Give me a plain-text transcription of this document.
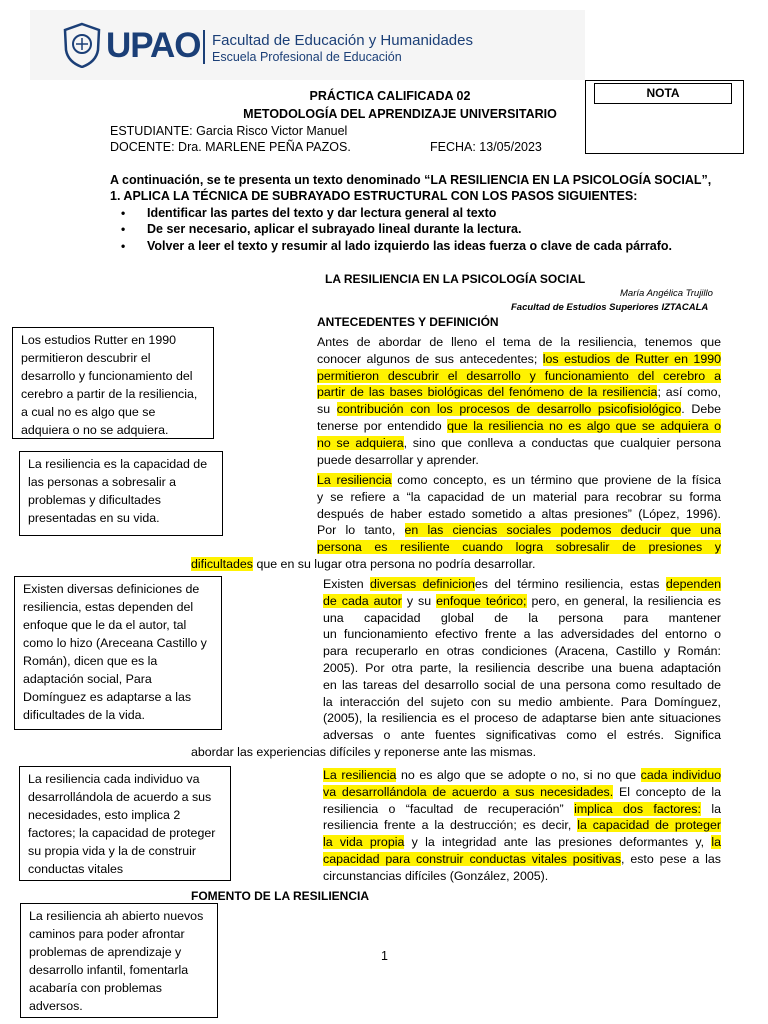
UPAO Facultad de Educación y Humanidades
Escuela Profesional de Educación
NOTA
PRÁCTICA CALIFICADA 02
METODOLOGÍA DEL APRENDIZAJE UNIVERSITARIO
ESTUDIANTE: Garcia Risco Victor Manuel
DOCENTE: Dra. MARLENE PEÑA PAZOS.	FECHA: 13/05/2023
A continuación, se te presenta un texto denominado “LA RESILIENCIA EN LA PSICOLOGÍA SOCIAL”,
1. APLICA LA TÉCNICA DE SUBRAYADO ESTRUCTURAL CON LOS PASOS SIGUIENTES:
• Identificar las partes del texto y dar lectura general al texto
• De ser necesario, aplicar el subrayado lineal durante la lectura.
• Volver a leer el texto y resumir al lado izquierdo las ideas fuerza o clave de cada párrafo.
LA RESILIENCIA EN LA PSICOLOGÍA SOCIAL
María Angélica Trujillo
Facultad de Estudios Superiores IZTACALA
ANTECEDENTES Y DEFINICIÓN
Los estudios Rutter en 1990 permitieron descubrir el desarrollo y funcionamiento del cerebro a partir de la resiliencia, a cual no es algo que se adquiera o no se adquiera.
La resiliencia es la capacidad de las personas a sobresalir a problemas y dificultades presentadas en su vida.
Existen diversas definiciones de resiliencia, estas dependen del enfoque que le da el autor, tal como lo hizo (Areceana Castillo y Román), dicen que es la adaptación social, Para Domínguez es adaptarse a las dificultades de la vida.
La resiliencia cada individuo va desarrollándola de acuerdo a sus necesidades, esto implica 2 factores; la capacidad de proteger su propia vida y la de construir conductas vitales
La resiliencia ah abierto nuevos caminos para poder afrontar problemas de aprendizaje y desarrollo infantil, fomentarla acabaría con problemas adversos.
Antes de abordar de lleno el tema de la resiliencia, tenemos que
conocer algunos de sus antecedentes; los estudios de Rutter en 1990
permitieron descubrir el desarrollo y funcionamiento del cerebro a
partir de las bases biológicas del fenómeno de la resiliencia; así como,
su contribución con los procesos de desarrollo psicofisiológico. Debe
tenerse por entendido que la resiliencia no es algo que se adquiera o
no se adquiera, sino que conlleva a conductas que cualquier persona
puede desarrollar y aprender.
La resiliencia como concepto, es un término que proviene de la física
y se refiere a “la capacidad de un material para recobrar su forma
después de haber estado sometido a altas presiones” (López, 1996).
Por lo tanto, en las ciencias sociales podemos deducir que una
persona es resiliente cuando logra sobresalir de presiones y
dificultades que en su lugar otra persona no podría desarrollar.
Existen diversas definiciones del término resiliencia, estas dependen
de cada autor y su enfoque teórico; pero, en general, la resiliencia es
una capacidad global de la persona para mantener
un funcionamiento efectivo frente a las adversidades del entorno o
para recuperarlo en otras condiciones (Aracena, Castillo y Román:
2005). Por otra parte, la resiliencia describe una buena adaptación
en las tareas del desarrollo social de una persona como resultado de
la interacción del sujeto con su medio ambiente. Para Domínguez,
(2005), la resiliencia es el proceso de adaptarse bien ante situaciones
adversas o ante fuentes significativas como el estrés. Significa
abordar las experiencias difíciles y reponerse ante las mismas.
La resiliencia no es algo que se adopte o no, si no que cada individuo
va desarrollándola de acuerdo a sus necesidades. El concepto de la
resiliencia o “facultad de recuperación” implica dos factores: la
resiliencia frente a la destrucción; es decir, la capacidad de proteger
la vida propia y la integridad ante las presiones deformantes y, la
capacidad para construir conductas vitales positivas, esto pese a las
circunstancias difíciles (González, 2005).
FOMENTO DE LA RESILIENCIA
1
